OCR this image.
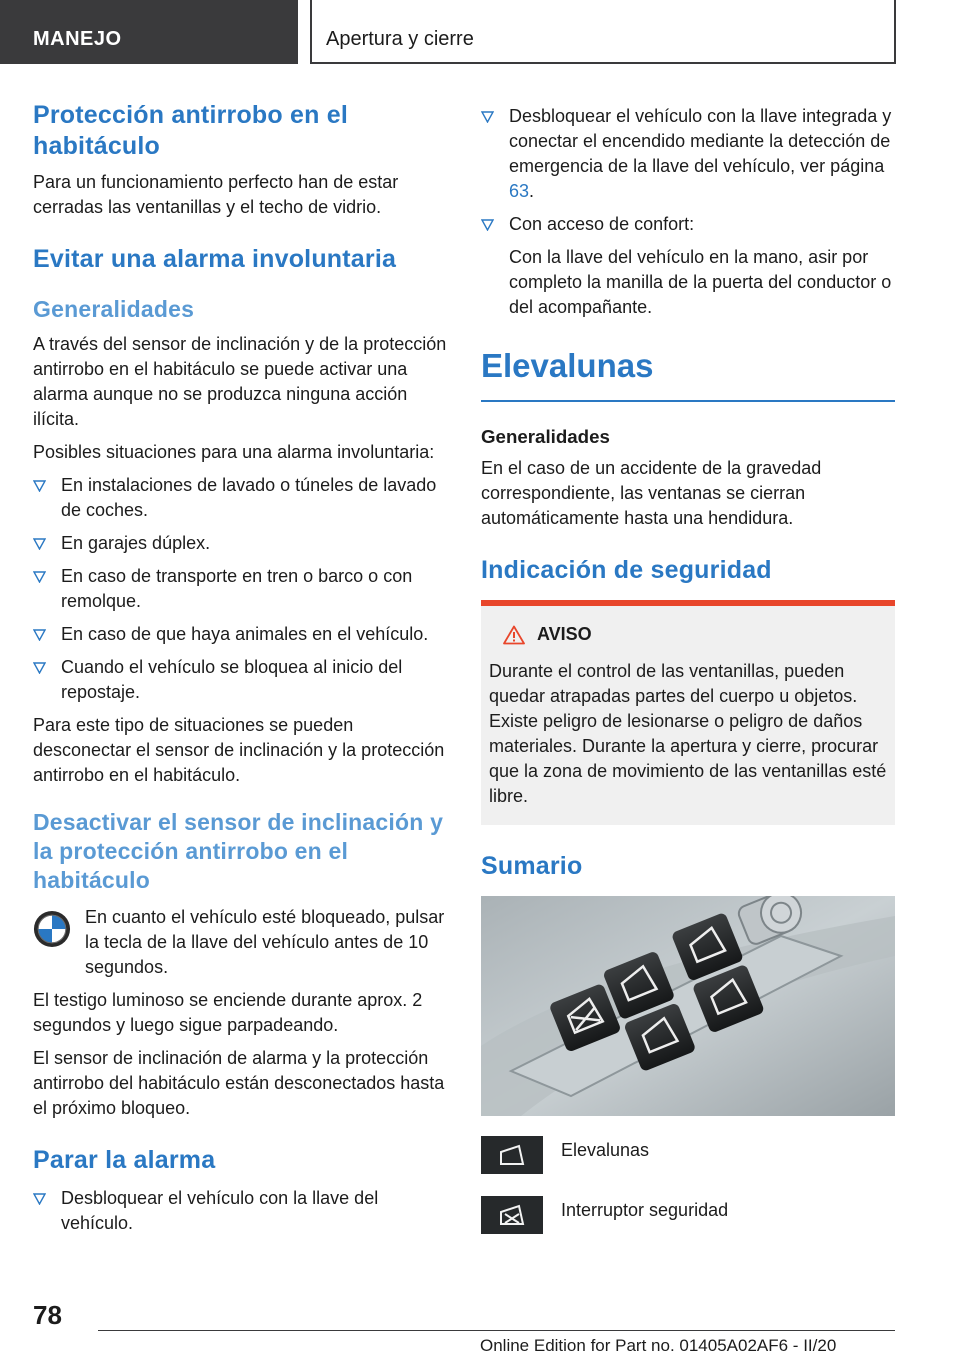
MANEJO	Apertura y cierre
Protección antirrobo en el habitáculo

Para un funcionamiento perfecto han de estar cerradas las ventanillas y el techo de vidrio.

Evitar una alarma involuntaria
Generalidades

A través del sensor de inclinación y de la protección antirrobo en el habitáculo se puede activar una alarma aunque no se produzca ninguna acción ilícita.

Posibles situaciones para una alarma involuntaria:

En instalaciones de lavado o túneles de lavado de coches.
En garajes dúplex.
En caso de transporte en tren o barco o con remolque.
En caso de que haya animales en el vehículo.
Cuando el vehículo se bloquea al inicio del repostaje.

Para este tipo de situaciones se pueden desconectar el sensor de inclinación y la protección antirrobo en el habitáculo.

Desactivar el sensor de inclinación y la protección antirrobo en el habitáculo

En cuanto el vehículo esté bloqueado, pulsar la tecla de la llave del vehículo antes de 10 segundos.

El testigo luminoso se enciende durante aprox. 2 segundos y luego sigue parpadeando.

El sensor de inclinación de alarma y la protección antirrobo del habitáculo están desconectados hasta el próximo bloqueo.

Parar la alarma
Desbloquear el vehículo con la llave del vehículo.
Desbloquear el vehículo con la llave integrada y conectar el encendido mediante la detección de emergencia de la llave del vehículo, ver página 63.
Con acceso de confort:
Con la llave del vehículo en la mano, asir por completo la manilla de la puerta del conductor o del acompañante.
Elevalunas
Generalidades

En el caso de un accidente de la gravedad correspondiente, las ventanas se cierran automáticamente hasta una hendidura.

Indicación de seguridad
AVISO

Durante el control de las ventanillas, pueden quedar atrapadas partes del cuerpo u objetos. Existe peligro de lesionarse o peligro de daños materiales. Durante la apertura y cierre, procurar que la zona de movimiento de las ventanillas esté libre.

Sumario
Elevalunas
Interruptor seguridad
78
Online Edition for Part no. 01405A02AF6 - II/20
